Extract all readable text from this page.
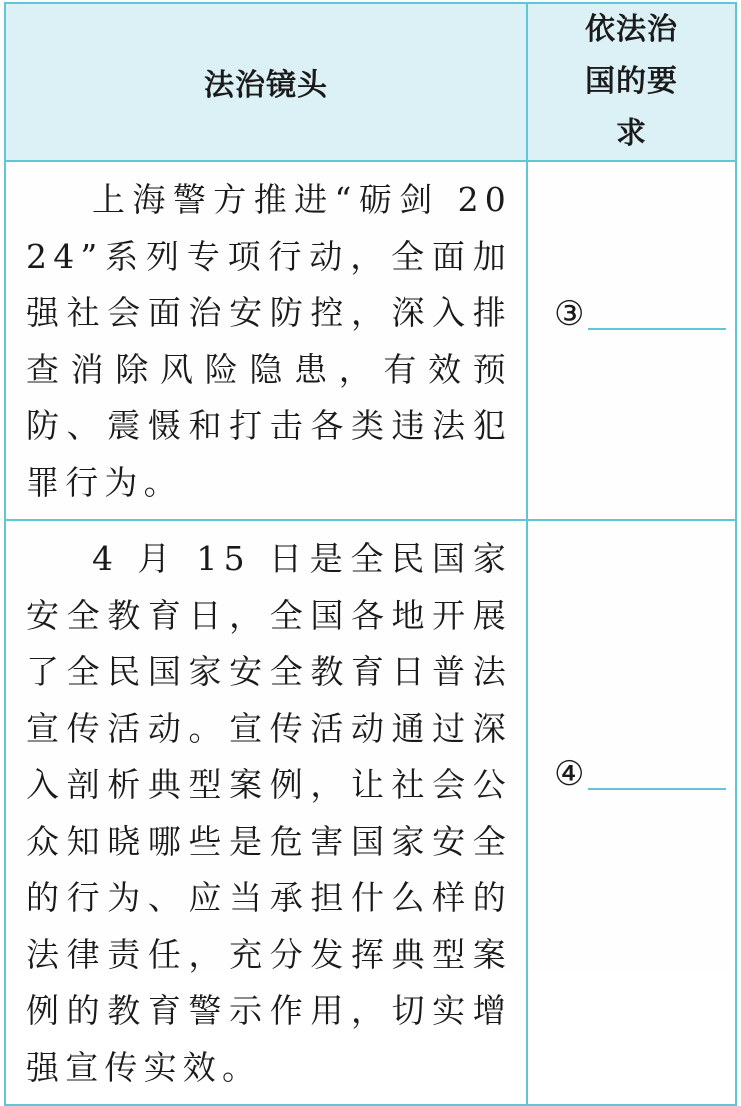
法治镜头	依法治国的要求

上海警方推进“砺剑 2024”系列专项行动，全面加强社会面治安防控，深入排查消除风险隐患，有效预防、震慑和打击各类违法犯罪行为。	③

4 月 15 日是全民国家安全教育日，全国各地开展了全民国家安全教育日普法宣传活动。宣传活动通过深入剖析典型案例，让社会公众知晓哪些是危害国家安全的行为、应当承担什么样的法律责任，充分发挥典型案例的教育警示作用，切实增强宣传实效。	④
